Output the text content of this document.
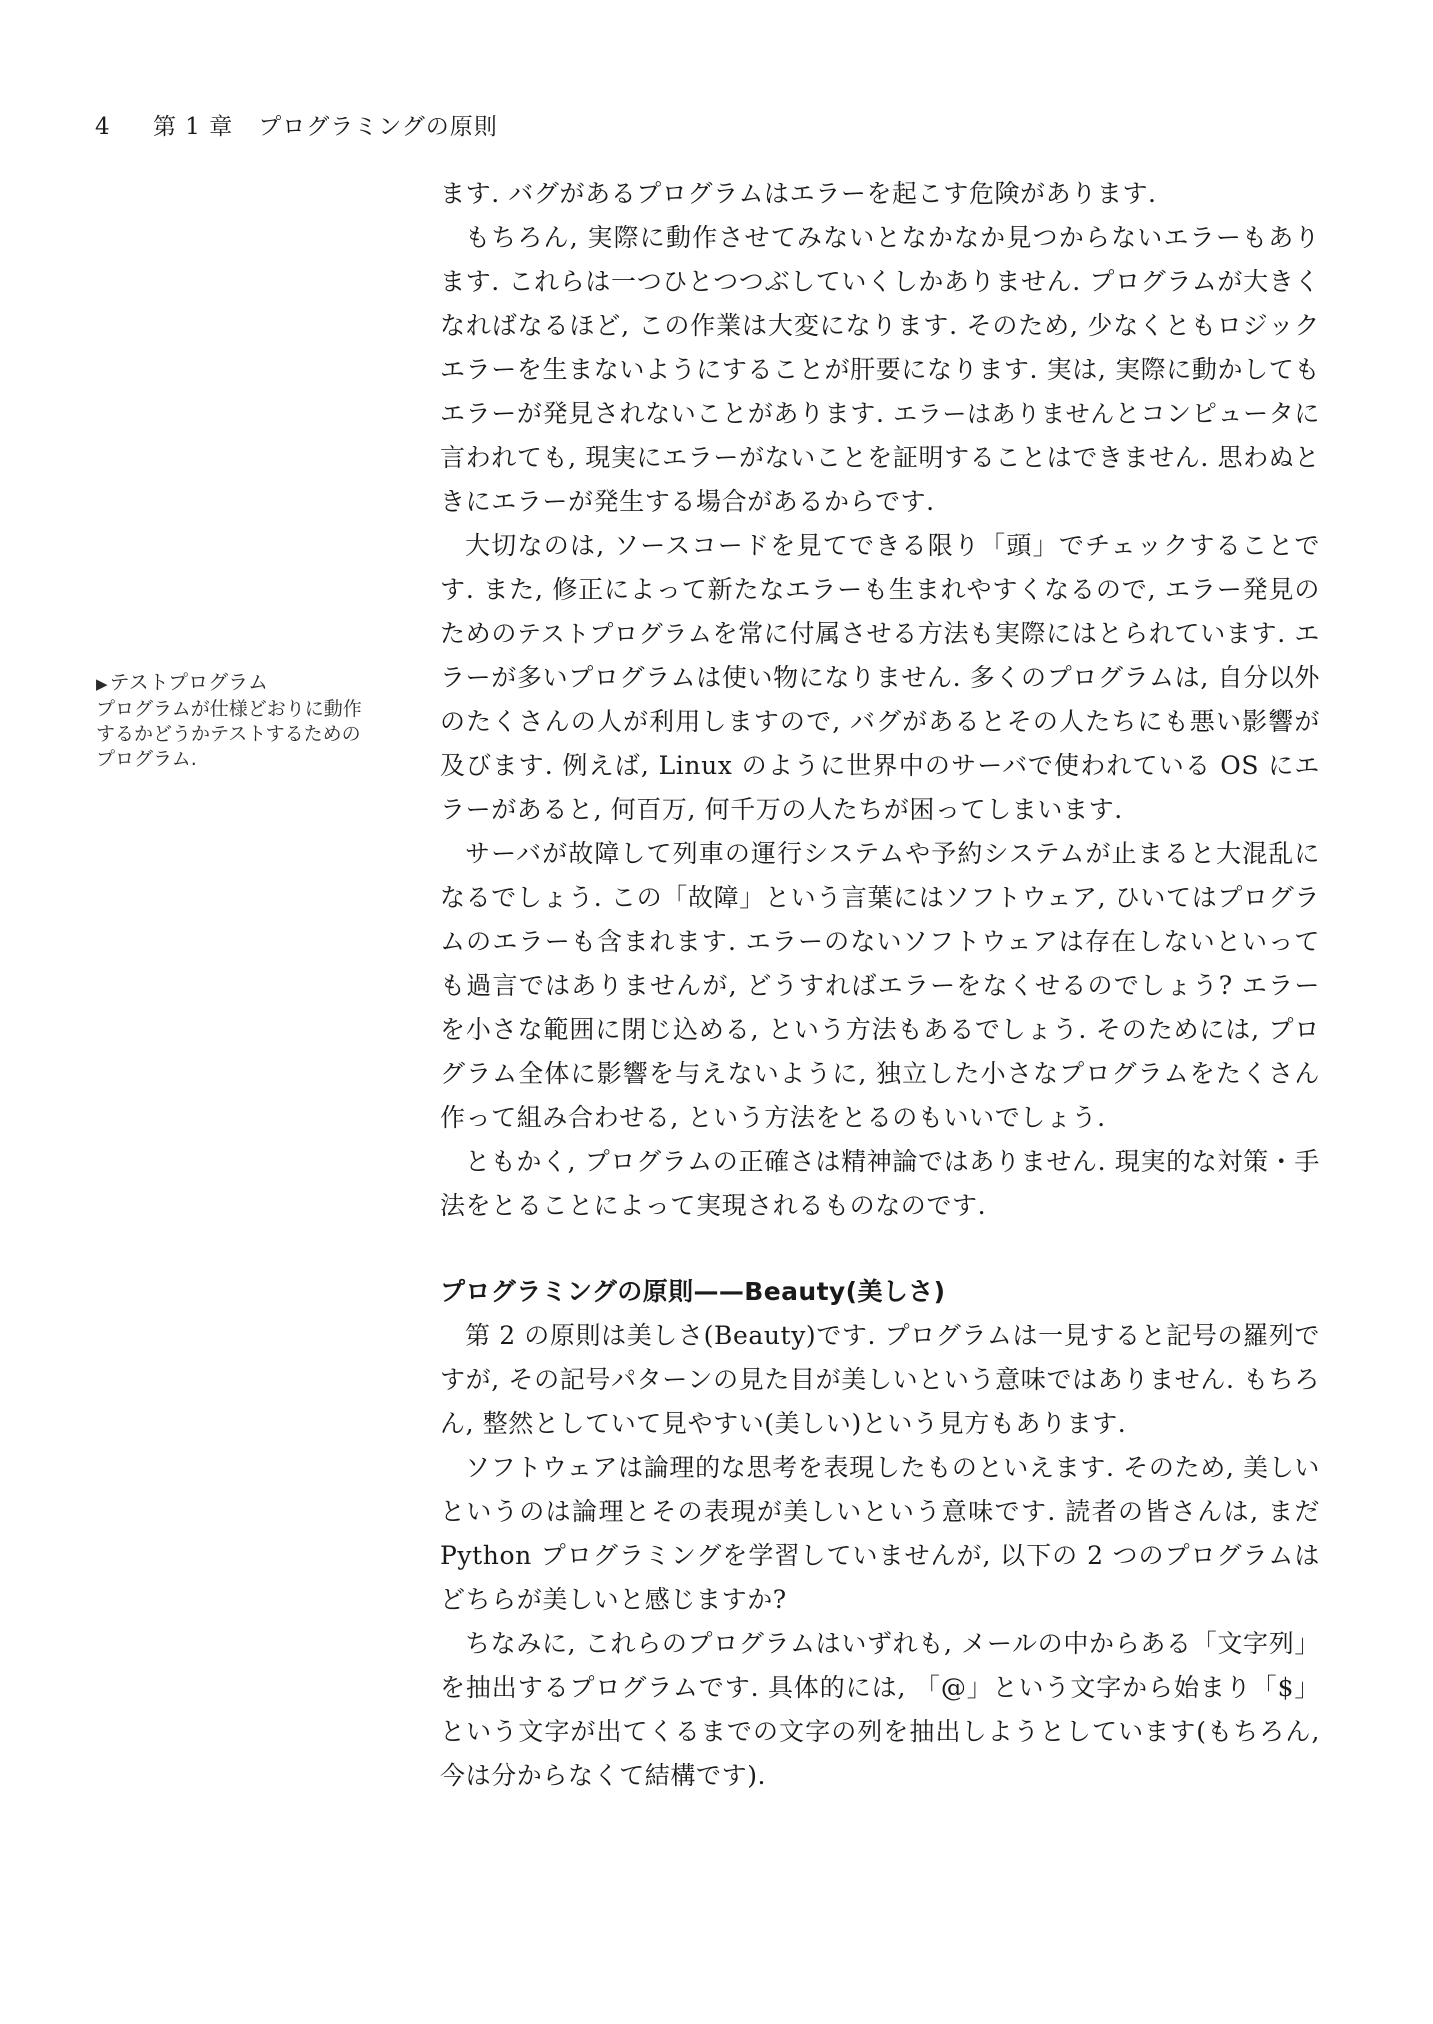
4 第 1 章 プログラミングの原則
▶ テストプログラム
プログラムが仕様どおりに動作するかどうかテストするためのプログラム.

ます. バグがあるプログラムはエラーを起こす危険があります.

もちろん, 実際に動作させてみないとなかなか見つからないエラーもあります. これらは一つひとつつぶしていくしかありません. プログラムが大きくなればなるほど, この作業は大変になります. そのため, 少なくともロジックエラーを生まないようにすることが肝要になります. 実は, 実際に動かしてもエラーが発見されないことがあります. エラーはありませんとコンピュータに言われても, 現実にエラーがないことを証明することはできません. 思わぬときにエラーが発生する場合があるからです.

大切なのは, ソースコードを見てできる限り「頭」でチェックすることです. また, 修正によって新たなエラーも生まれやすくなるので, エラー発見のためのテストプログラムを常に付属させる方法も実際にはとられています. エラーが多いプログラムは使い物になりません. 多くのプログラムは, 自分以外のたくさんの人が利用しますので, バグがあるとその人たちにも悪い影響が及びます. 例えば, Linux のように世界中のサーバで使われている OS にエラーがあると, 何百万, 何千万の人たちが困ってしまいます.

サーバが故障して列車の運行システムや予約システムが止まると大混乱になるでしょう. この「故障」という言葉にはソフトウェア, ひいてはプログラムのエラーも含まれます. エラーのないソフトウェアは存在しないといっても過言ではありませんが, どうすればエラーをなくせるのでしょう? エラーを小さな範囲に閉じ込める, という方法もあるでしょう. そのためには, プログラム全体に影響を与えないように, 独立した小さなプログラムをたくさん作って組み合わせる, という方法をとるのもいいでしょう.

ともかく, プログラムの正確さは精神論ではありません. 現実的な対策・手法をとることによって実現されるものなのです.

プログラミングの原則——Beauty(美しさ)

第 2 の原則は美しさ(Beauty)です. プログラムは一見すると記号の羅列ですが, その記号パターンの見た目が美しいという意味ではありません. もちろん, 整然としていて見やすい(美しい)という見方もあります.

ソフトウェアは論理的な思考を表現したものといえます. そのため, 美しいというのは論理とその表現が美しいという意味です. 読者の皆さんは, まだ Python プログラミングを学習していませんが, 以下の 2 つのプログラムはどちらが美しいと感じますか?

ちなみに, これらのプログラムはいずれも, メールの中からある「文字列」を抽出するプログラムです. 具体的には, 「@」という文字から始まり「$」という文字が出てくるまでの文字の列を抽出しようとしています(もちろん, 今は分からなくて結構です).
